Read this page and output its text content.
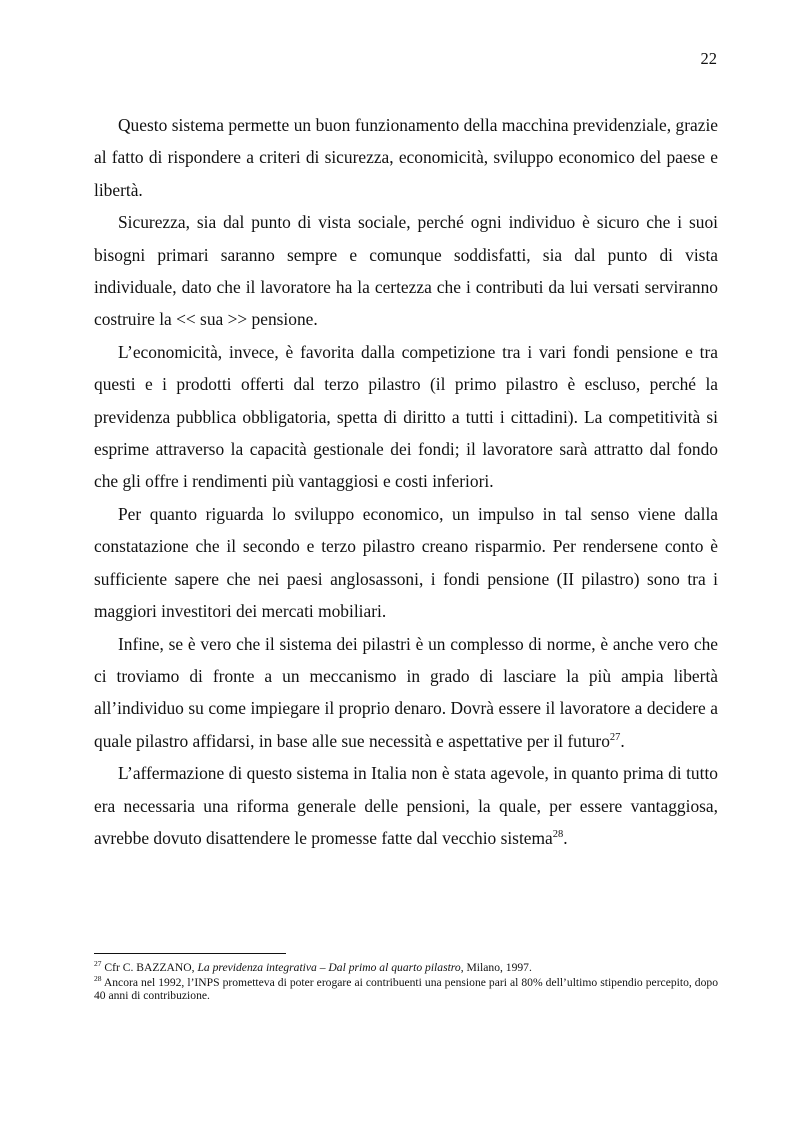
22

Questo sistema permette un buon funzionamento della macchina previdenziale, grazie al fatto di rispondere a criteri di sicurezza, economicità, sviluppo economico del paese e libertà.

Sicurezza, sia dal punto di vista sociale, perché ogni individuo è sicuro che i suoi bisogni primari saranno sempre e comunque soddisfatti, sia dal punto di vista individuale, dato che il lavoratore ha la certezza che i contributi da lui versati serviranno costruire la << sua >> pensione.

L’economicità, invece, è favorita dalla competizione tra i vari fondi pensione e tra questi e i prodotti offerti dal terzo pilastro (il primo pilastro è escluso, perché la previdenza pubblica obbligatoria, spetta di diritto a tutti i cittadini). La competitività si esprime attraverso la capacità gestionale dei fondi; il lavoratore sarà attratto dal fondo che gli offre i rendimenti più vantaggiosi e costi inferiori.

Per quanto riguarda lo sviluppo economico, un impulso in tal senso viene dalla constatazione che il secondo e terzo pilastro creano risparmio. Per rendersene conto è sufficiente sapere che nei paesi anglosassoni, i fondi pensione (II pilastro) sono tra i maggiori investitori dei mercati mobiliari.

Infine, se è vero che il sistema dei pilastri è un complesso di norme, è anche vero che ci troviamo di fronte a un meccanismo in grado di lasciare la più ampia libertà all’individuo su come impiegare il proprio denaro. Dovrà essere il lavoratore a decidere a quale pilastro affidarsi, in base alle sue necessità e aspettative per il futuro$^{27}$.

L’affermazione di questo sistema in Italia non è stata agevole, in quanto prima di tutto era necessaria una riforma generale delle pensioni, la quale, per essere vantaggiosa, avrebbe dovuto disattendere le promesse fatte dal vecchio sistema$^{28}$.

$^{27}$ Cfr C. BAZZANO, La previdenza integrativa – Dal primo al quarto pilastro, Milano, 1997.

$^{28}$ Ancora nel 1992, l’INPS prometteva di poter erogare ai contribuenti una pensione pari al 80% dell’ultimo stipendio percepito, dopo 40 anni di contribuzione.
